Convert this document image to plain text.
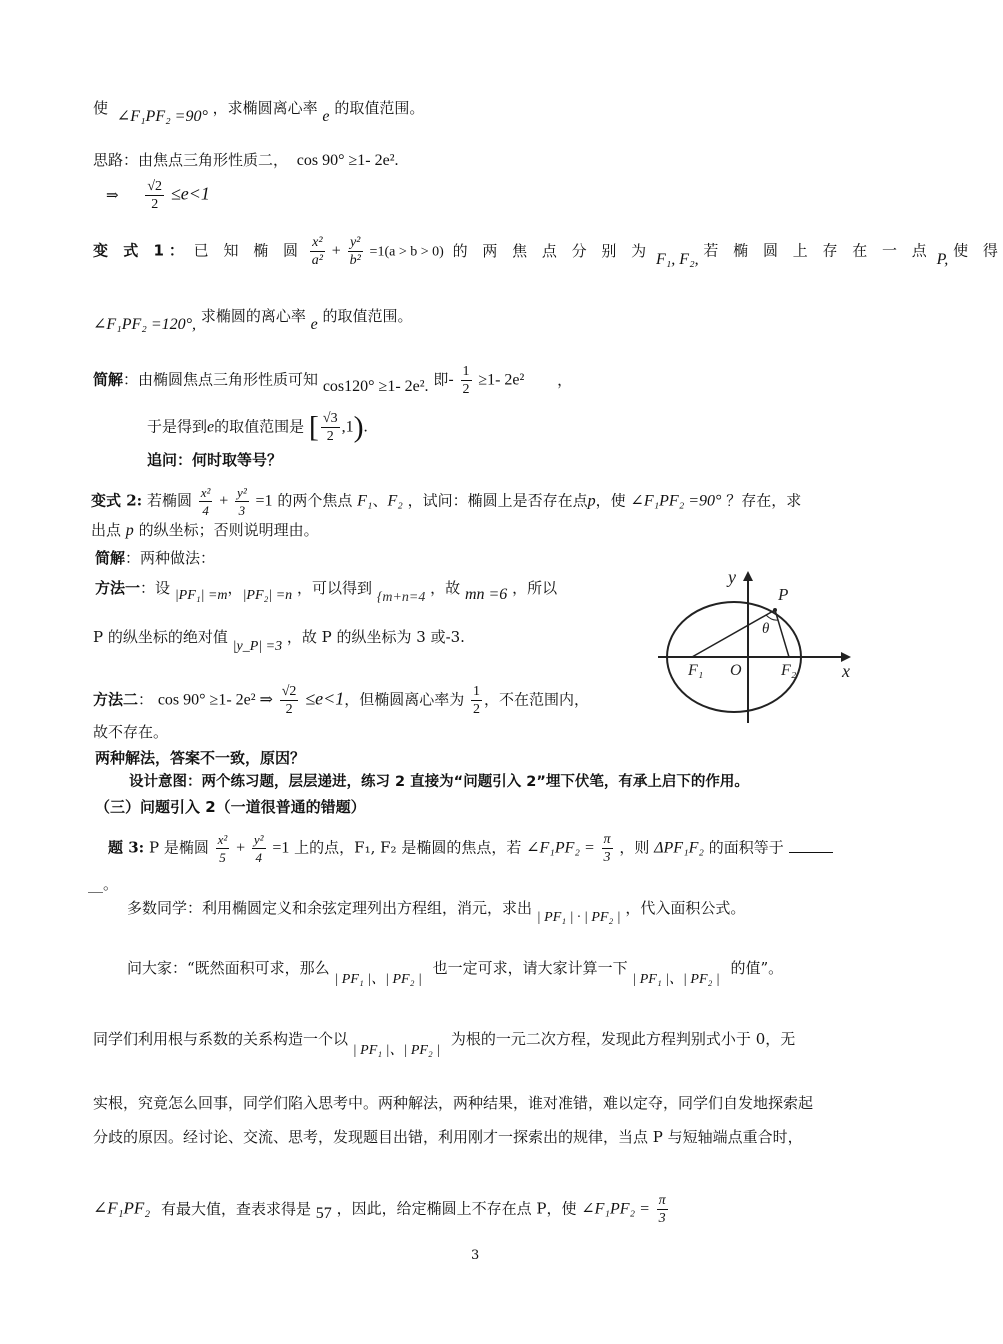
使 ∠F₁PF₂ =90° ，求椭圆离心率 e 的取值范围。
思路：由焦点三角形性质二， cos 90° ≥1- 2e².
⇒ $\frac{√2}{2} \le e<1$
变 式 1： 已 知 椭 圆 $\frac{\text{x²}}{\text{a²}} + \frac{\text{y²}}{\text{b²}} =1(a > b > 0)$ 的 两 焦 点 分 别 为 F₁, F₂, 若 椭 圆 上 存 在 一 点 P, 使 得
∠F₁PF₂ =120°, 求椭圆的离心率 e 的取值范围。
简解：由椭圆焦点三角形性质可知 cos120° ≥1- 2e². 即- $\frac{1}{2} \ge 1-$ 2e² ，
于是得到e的取值范围是 [ $\frac{√3}{2} ,1$).
追问：何时取等号？
变式 2: 若椭圆 $\frac{\text{x²}}{4} + \frac{\text{y²}}{3} =1$ 的两个焦点 F₁、F₂ ，试问：椭圆上是否存在点p，使 ∠F₁PF₂ =90° ？存在，求
出点 p 的纵坐标；否则说明理由。
简解：两种做法：
方法一：设 |PF₁| =m，|PF₂| =n ，可以得到 {m+n=4 ，故 mn =6 ，所以
P 的纵坐标的绝对值 |y_P| =3 ，故 P 的纵坐标为 3 或-3.
方法二： cos 90° ≥1- 2e² ⇒ $\frac{√2}{2} \le e<1$，但椭圆离心率为 $\frac{1}{2}$ ，不在范围内，
故不存在。
两种解法，答案不一致，原因？
设计意图：两个练习题，层层递进，练习 2 直接为“问题引入 2”埋下伏笔，有承上启下的作用。
（三）问题引入 2（一道很普通的错题）
题 3: P 是椭圆 $\frac{\text{x²}}{5} + \frac{\text{y²}}{4} =1$ 上的点，F₁, F₂ 是椭圆的焦点，若 ∠F₁PF₂ = $\frac{\pi}{3}$ ，则 ΔPF₁F₂ 的面积等于
__。
多数同学：利用椭圆定义和余弦定理列出方程组，消元，求出 | PF₁ | · | PF₂ | ，代入面积公式。
问大家：“既然面积可求，那么 | PF₁ |、| PF₂ | 也一定可求，请大家计算一下 | PF₁ |、| PF₂ | 的值”。
同学们利用根与系数的关系构造一个以 | PF₁ |、| PF₂ | 为根的一元二次方程，发现此方程判别式小于 0，无
实根，究竟怎么回事，同学们陷入思考中。两种解法，两种结果，谁对准错，难以定夺，同学们自发地探索起
分歧的原因。经讨论、交流、思考，发现题目出错，利用刚才一探索出的规律，当点 P 与短轴端点重合时，
∠F₁PF₂ 有最大值，查表求得是 57 ，因此，给定椭圆上不存在点 P，使 ∠F₁PF₂ = $\frac{\pi}{3}$
y
x
P
θ
F₁ O F₂
3
